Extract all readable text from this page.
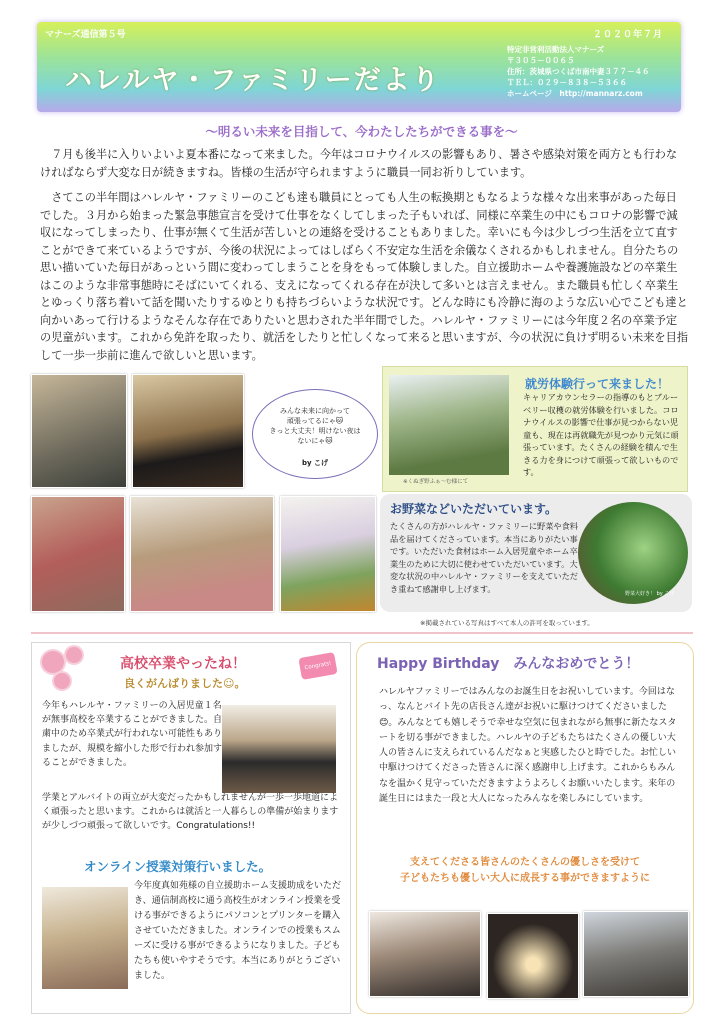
マナーズ通信第５号	２０２０年７月
ハレルヤ・ファミリーだより
特定非営利活動法人マナーズ
〒３０５－００６５
住所：茨城県つくば市南中妻３７７－４６
ＴＥＬ：０２９－８３８－５３６６
ホームページ　http://mannarz.com
～明るい未来を目指して、今わたしたちができる事を～

７月も後半に入りいよいよ夏本番になって来ました。今年はコロナウイルスの影響もあり、暑さや感染対策を両方とも行わなければならず大変な日が続きますね。皆様の生活が守られますように職員一同お祈りしています。

さてこの半年間はハレルヤ・ファミリーのこども達も職員にとっても人生の転換期ともなるような様々な出来事があった毎日でした。３月から始まった緊急事態宣言を受けて仕事をなくしてしまった子もいれば、同様に卒業生の中にもコロナの影響で減収になってしまったり、仕事が無くて生活が苦しいとの連絡を受けることもありました。幸いにも今は少しづつ生活を立て直すことができて来ているようですが、今後の状況によってはしばらく不安定な生活を余儀なくされるかもしれません。自分たちの思い描いていた毎日があっという間に変わってしまうことを身をもって体験しました。自立援助ホームや養護施設などの卒業生はこのような非常事態時にそばにいてくれる、支えになってくれる存在が決して多いとは言えません。また職員も忙しく卒業生とゆっくり落ち着いて話を聞いたりするゆとりも持ちづらいような状況です。どんな時にも冷静に海のような広い心でこども達と向かいあって行けるようなそんな存在でありたいと思わされた半年間でした。ハレルヤ・ファミリーには今年度２名の卒業予定の児童がいます。これから免許を取ったり、就活をしたりと忙しくなって来ると思いますが、今の状況に負けず明るい未来を目指して一歩一歩前に進んで欲しいと思います。

みんな未来に向かって
頑張ってるにゃ🐱
きっと大丈夫！明けない夜は
ないにゃ🐱
by こげ
※くぬぎ野ふぁ～む様にて
就労体験行って来ました！
キャリアカウンセラーの指導のもとブルーベリー収穫の就労体験を行いました。コロナウイルスの影響で仕事が見つからない児童も、現在は再就職先が見つかり元気に頑張っています。たくさんの経験を積んで生きる力を身につけて頑張って欲しいものです。
お野菜などいただいています。
たくさんの方がハレルヤ・ファミリーに野菜や食料品を届けてくださっています。本当にありがたい事です。いただいた食材はホーム入居児童やホーム卒業生のために大切に使わせていただいています。大変な状況の中ハレルヤ・ファミリーを支えていただき重ねて感謝申し上げます。
野菜大好き！ by こげ
※掲載されている写真はすべて本人の許可を取っています。
高校卒業やったね！
良くがんばりました☺。
Congrats!
今年もハレルヤ・ファミリーの入居児童１名が無事高校を卒業することができました。自粛中のため卒業式が行われない可能性もありましたが、規模を縮小した形で行われ参加することができました。
学業とアルバイトの両立が大変だったかもしれませんが一歩一歩地道によく頑張ったと思います。これからは就活と一人暮らしの準備が始まりますが少しづつ頑張って欲しいです。Congratulations!!
オンライン授業対策行いました。
今年度真如苑様の自立援助ホーム支援助成をいただき、通信制高校に通う高校生がオンライン授業を受ける事ができるようにパソコンとプリンターを購入させていただきました。オンラインでの授業もスムーズに受ける事ができるようになりました。子どもたちも使いやすそうです。本当にありがとうございました。
Happy Birthday　みんなおめでとう！
ハレルヤファミリーではみんなのお誕生日をお祝いしています。今回はなっ、なんとバイト先の店長さん達がお祝いに駆けつけてくださいました😊。みんなとても嬉しそうで幸せな空気に包まれながら無事に新たなスタートを切る事ができました。ハレルヤの子どもたちはたくさんの優しい大人の皆さんに支えられているんだなぁと実感したひと時でした。お忙しい中駆けつけてくださった皆さんに深く感謝申し上げます。これからもみんなを温かく見守っていただきますようよろしくお願いいたします。来年の誕生日にはまた一段と大人になったみんなを楽しみにしています。
支えてくださる皆さんのたくさんの優しさを受けて
子どもたちも優しい大人に成長する事ができますように
